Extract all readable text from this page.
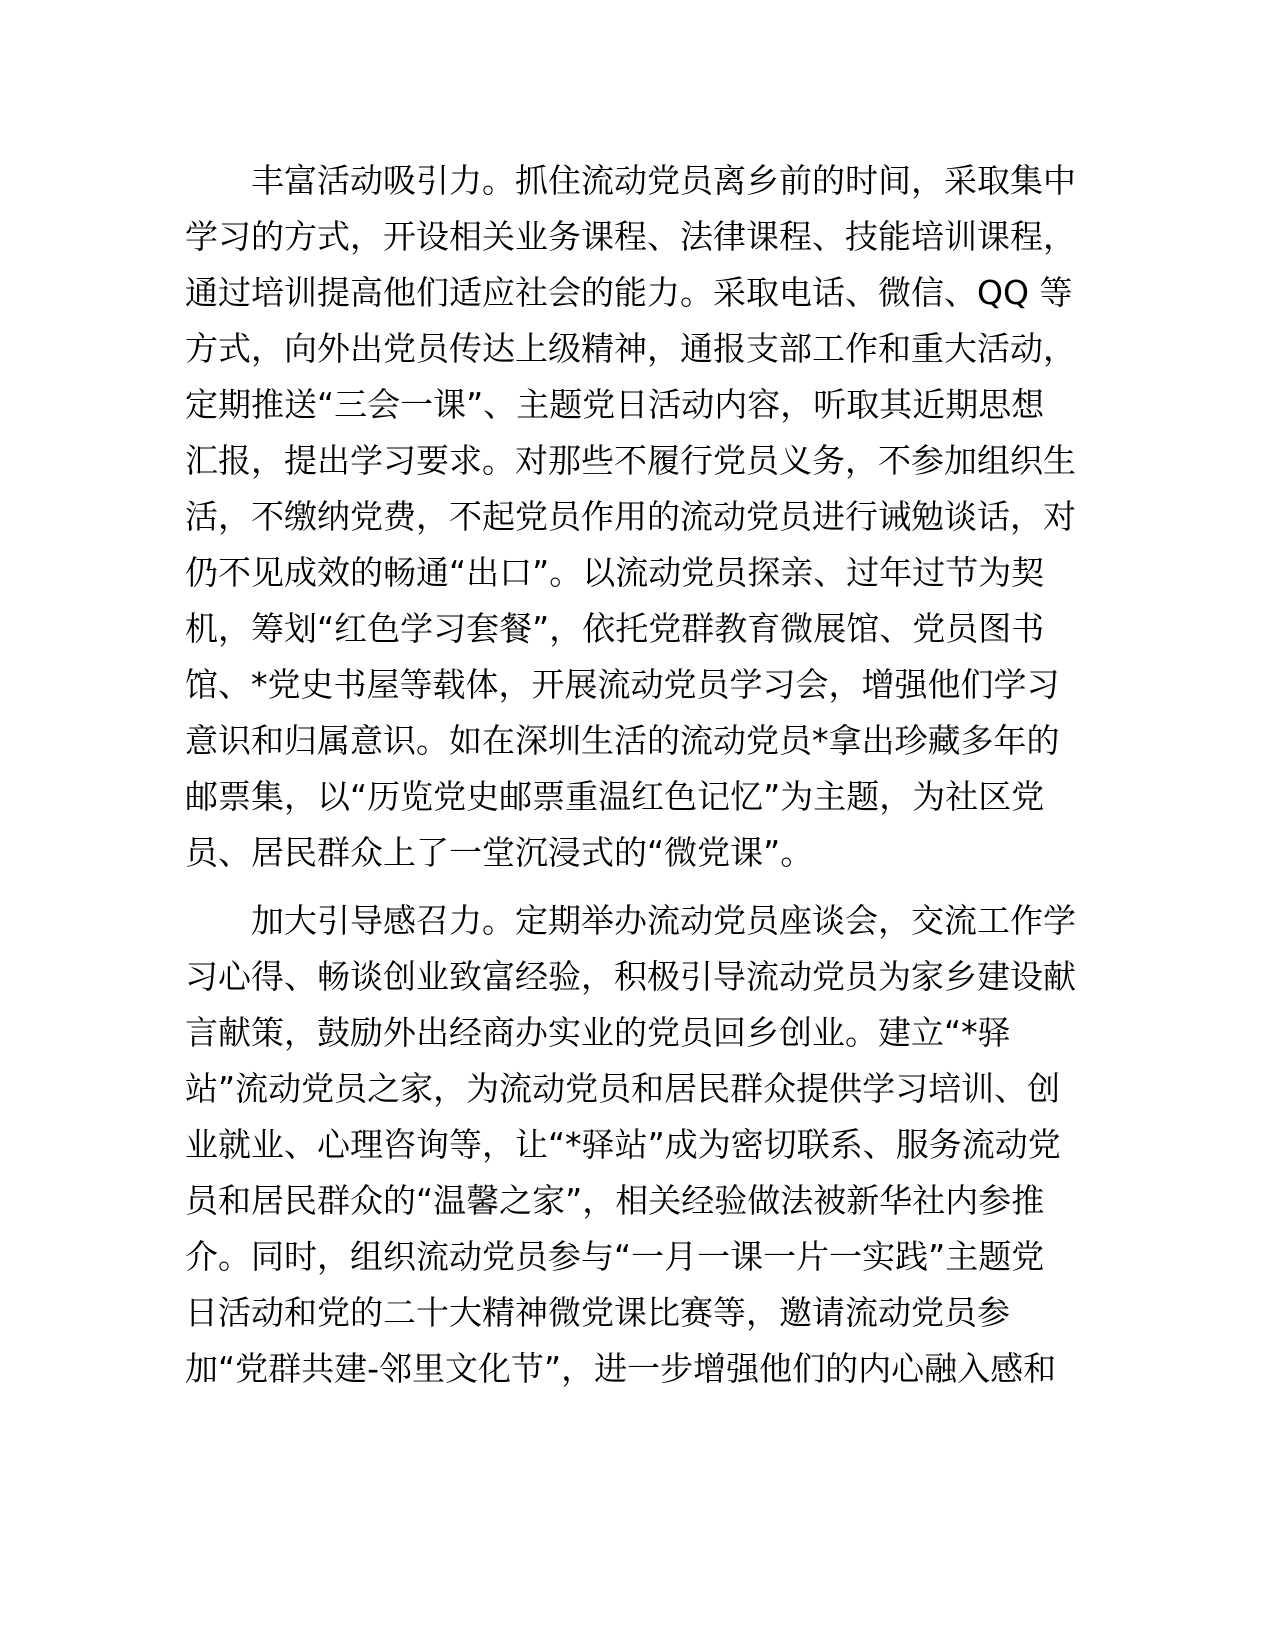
　　丰富活动吸引力。抓住流动党员离乡前的时间，采取集中
学习的方式，开设相关业务课程、法律课程、技能培训课程，
通过培训提高他们适应社会的能力。采取电话、微信、QQ 等
方式，向外出党员传达上级精神，通报支部工作和重大活动，
定期推送“三会一课”、主题党日活动内容，听取其近期思想
汇报，提出学习要求。对那些不履行党员义务，不参加组织生
活，不缴纳党费，不起党员作用的流动党员进行诫勉谈话，对
仍不见成效的畅通“出口”。以流动党员探亲、过年过节为契
机，筹划“红色学习套餐”，依托党群教育微展馆、党员图书
馆、*党史书屋等载体，开展流动党员学习会，增强他们学习
意识和归属意识。如在深圳生活的流动党员*拿出珍藏多年的
邮票集，以“历览党史邮票重温红色记忆”为主题，为社区党
员、居民群众上了一堂沉浸式的“微党课”。
　　加大引导感召力。定期举办流动党员座谈会，交流工作学
习心得、畅谈创业致富经验，积极引导流动党员为家乡建设献
言献策，鼓励外出经商办实业的党员回乡创业。建立“*驿
站”流动党员之家，为流动党员和居民群众提供学习培训、创
业就业、心理咨询等，让“*驿站”成为密切联系、服务流动党
员和居民群众的“温馨之家”，相关经验做法被新华社内参推
介。同时，组织流动党员参与“一月一课一片一实践”主题党
日活动和党的二十大精神微党课比赛等，邀请流动党员参
加“党群共建-邻里文化节”，进一步增强他们的内心融入感和
